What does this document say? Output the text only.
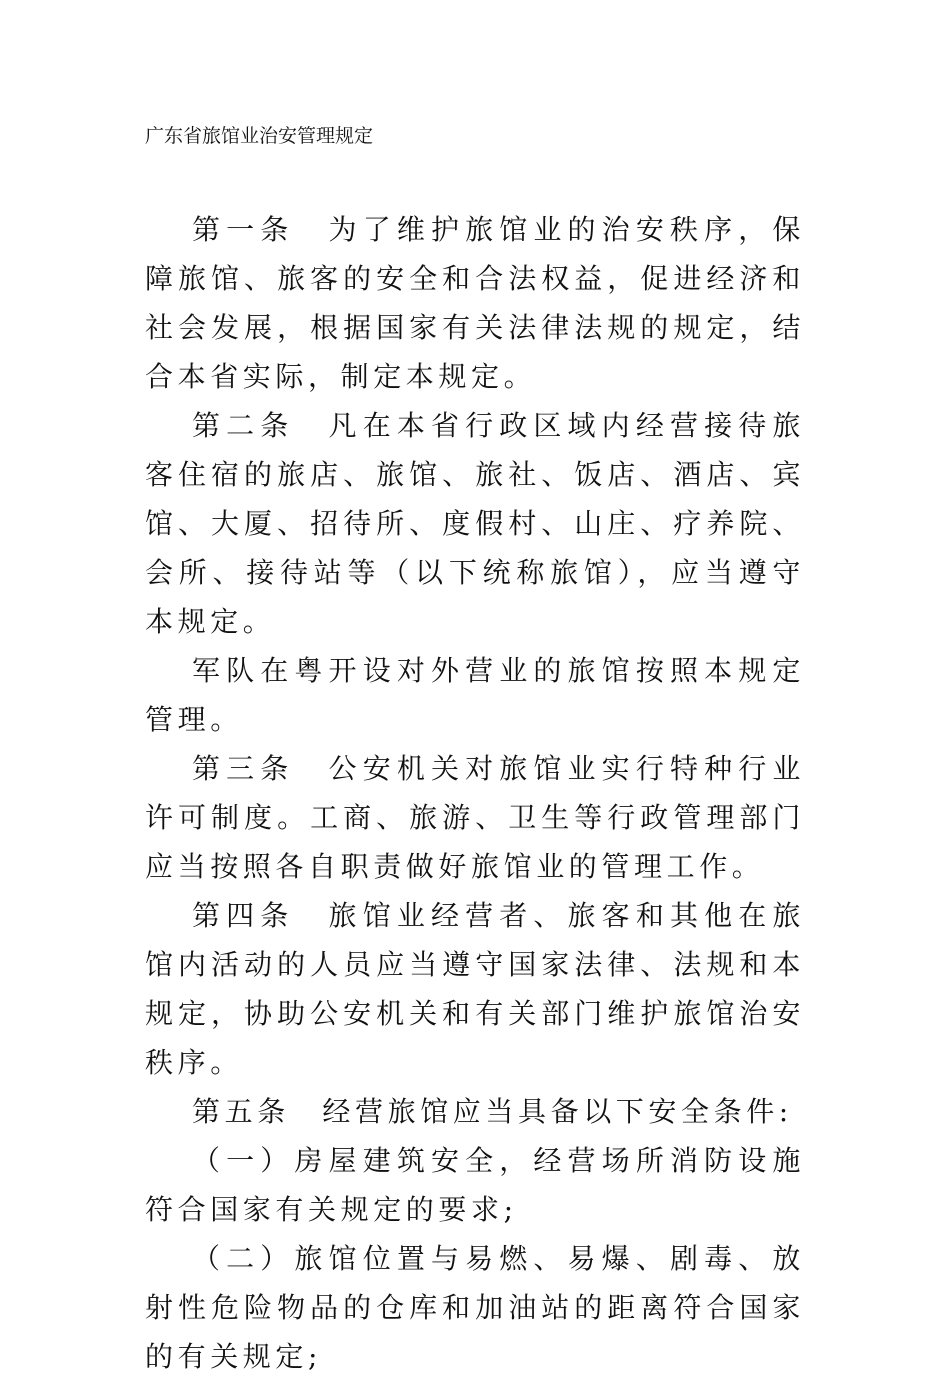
广东省旅馆业治安管理规定

第一条　为了维护旅馆业的治安秩序，保障旅馆、旅客的安全和合法权益，促进经济和社会发展，根据国家有关法律法规的规定，结合本省实际，制定本规定。

第二条　凡在本省行政区域内经营接待旅客住宿的旅店、旅馆、旅社、饭店、酒店、宾馆、大厦、招待所、度假村、山庄、疗养院、会所、接待站等（以下统称旅馆），应当遵守本规定。

军队在粤开设对外营业的旅馆按照本规定管理。

第三条　公安机关对旅馆业实行特种行业许可制度。工商、旅游、卫生等行政管理部门应当按照各自职责做好旅馆业的管理工作。

第四条　旅馆业经营者、旅客和其他在旅馆内活动的人员应当遵守国家法律、法规和本规定，协助公安机关和有关部门维护旅馆治安秩序。

第五条　经营旅馆应当具备以下安全条件:

（一）房屋建筑安全，经营场所消防设施符合国家有关规定的要求;

（二）旅馆位置与易燃、易爆、剧毒、放射性危险物品的仓库和加油站的距离符合国家的有关规定;
